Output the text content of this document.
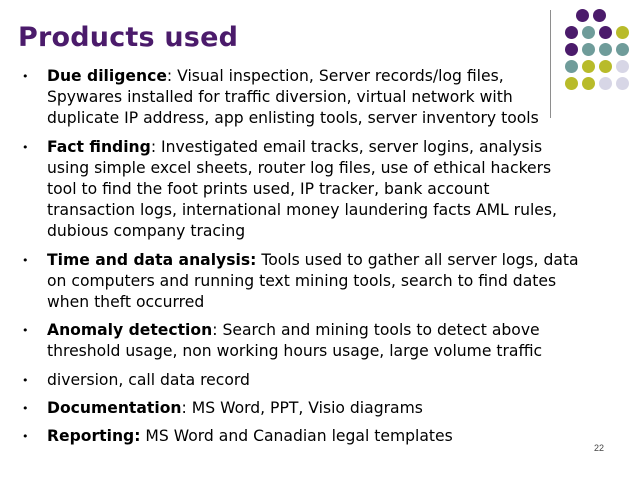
Products used
• Due diligence: Visual inspection, Server records/log files, Spywares installed for traffic diversion, virtual network with duplicate IP address, app enlisting tools, server inventory tools
• Fact finding: Investigated email tracks, server logins, analysis using simple excel sheets, router log files, use of ethical hackers tool to find the foot prints used, IP tracker, bank account transaction logs, international money laundering facts AML rules, dubious company tracing
• Time and data analysis: Tools used to gather all server logs, data on computers and running text mining tools, search to find dates when theft occurred
• Anomaly detection: Search and mining tools to detect above threshold usage, non working hours usage, large volume traffic
• diversion, call data record
• Documentation: MS Word, PPT, Visio diagrams
• Reporting: MS Word and Canadian legal templates
22
